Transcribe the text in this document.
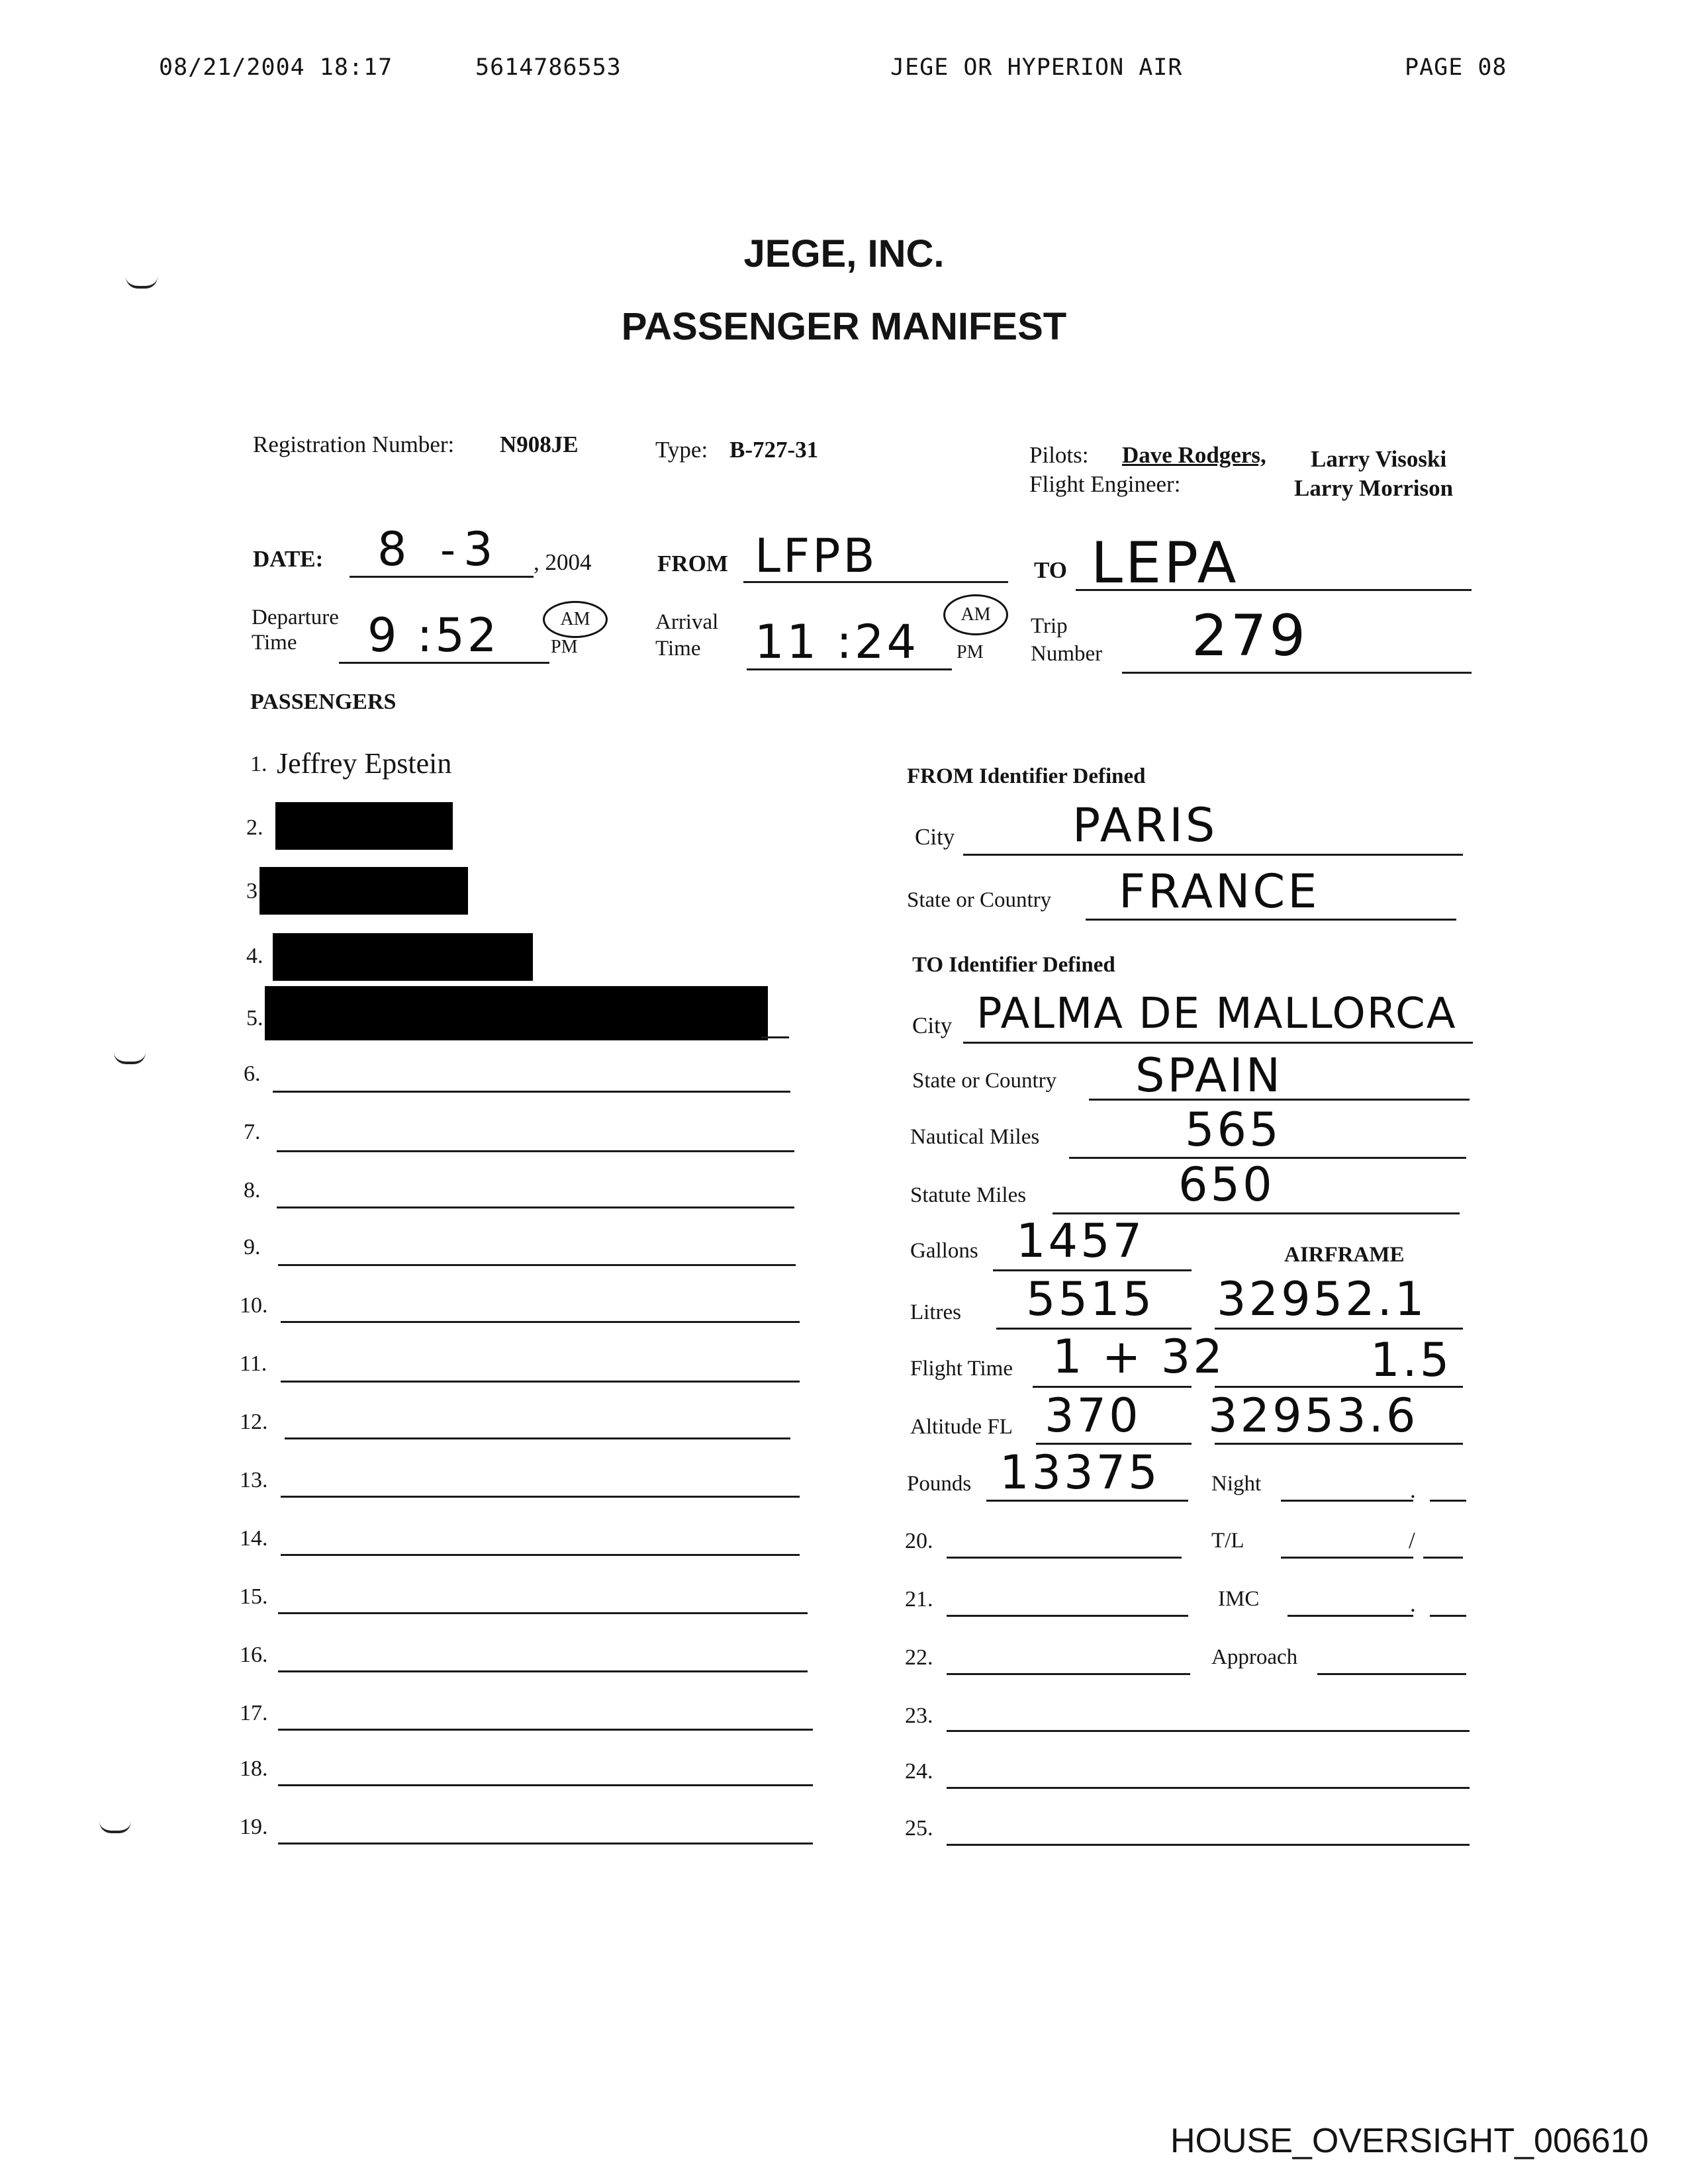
08/21/2004 18:17	5614786553	JEGE OR HYPERION AIR	PAGE 08
JEGE, INC.
PASSENGER MANIFEST
Registration Number: N908JE	Type: B-727-31	Pilots: Dave Rodgers, Larry Visoski
Flight Engineer:	Larry Morrison
DATE: 8 - 3 , 2004	FROM LFPB	TO LEPA
Departure
Time 9 :52	AM
PM
Arrival
Time 11 :24
AM
PM
Trip
Number 279
PASSENGERS
1. Jeffrey Epstein
2.
3
4.
5.
6.
7.
8.
9.
10.
11.
12.
13.
14.
15.
16.
17.
18.
19.
FROM Identifier Defined
City	PARIS
State or Country FRANCE
TO Identifier Defined
City PALMA DE MALLORCA
State or Country SPAIN
Nautical Miles	565
Statute Miles	650
Gallons 1457	AIRFRAME
Litres 5515 32952.1
Flight Time 1 + 32	1.5
Altitude FL 370 32953.6
Pounds 13375 Night	.
20.	T/L	/
21.	IMC	.
22.	Approach
23.
24.
25.
HOUSE_OVERSIGHT_006610
